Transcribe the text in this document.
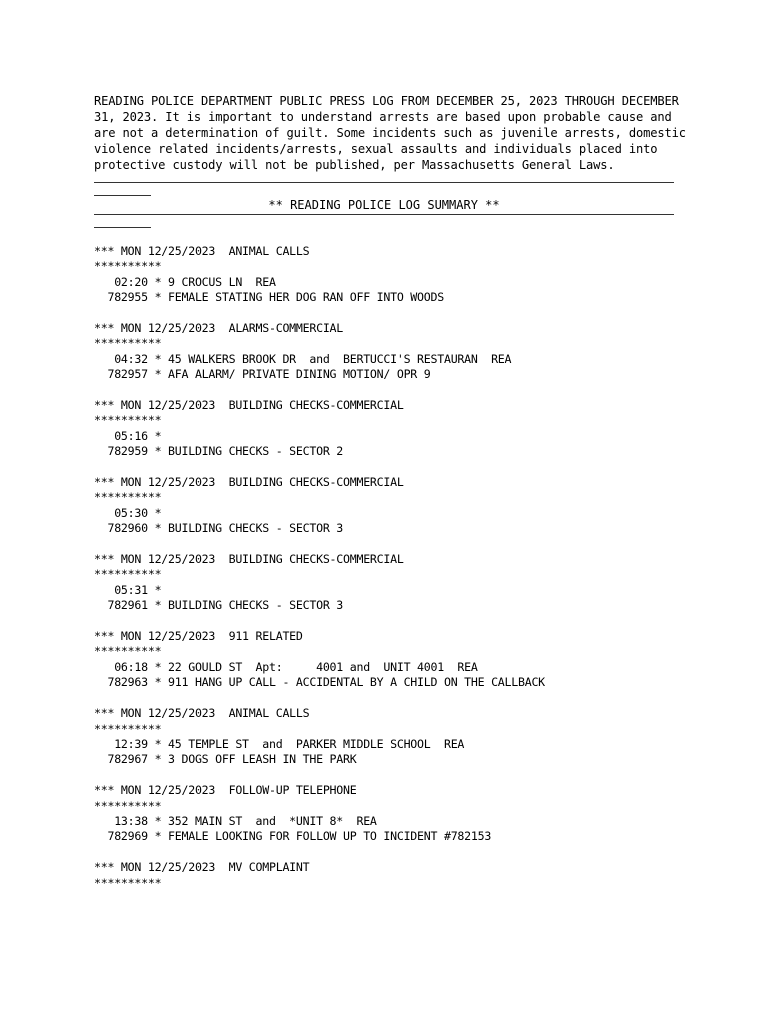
READING POLICE DEPARTMENT PUBLIC PRESS LOG FROM DECEMBER 25, 2023 THROUGH DECEMBER 31, 2023. It is important to understand arrests are based upon probable cause and are not a determination of guilt. Some incidents such as juvenile arrests, domestic violence related incidents/arrests, sexual assaults and individuals placed into protective custody will not be published, per Massachusetts General Laws.

** READING POLICE LOG SUMMARY **
*** MON 12/25/2023  ANIMAL CALLS
**********
02:20 * 9 CROCUS LN  REA
782955 * FEMALE STATING HER DOG RAN OFF INTO WOODS
*** MON 12/25/2023  ALARMS-COMMERCIAL
**********
04:32 * 45 WALKERS BROOK DR  and  BERTUCCI'S RESTAURAN  REA
782957 * AFA ALARM/ PRIVATE DINING MOTION/ OPR 9
*** MON 12/25/2023  BUILDING CHECKS-COMMERCIAL
**********
05:16 *
782959 * BUILDING CHECKS - SECTOR 2
*** MON 12/25/2023  BUILDING CHECKS-COMMERCIAL
**********
05:30 *
782960 * BUILDING CHECKS - SECTOR 3
*** MON 12/25/2023  BUILDING CHECKS-COMMERCIAL
**********
05:31 *
782961 * BUILDING CHECKS - SECTOR 3
*** MON 12/25/2023  911 RELATED
**********
06:18 * 22 GOULD ST  Apt:     4001 and  UNIT 4001  REA
782963 * 911 HANG UP CALL - ACCIDENTAL BY A CHILD ON THE CALLBACK
*** MON 12/25/2023  ANIMAL CALLS
**********
12:39 * 45 TEMPLE ST  and  PARKER MIDDLE SCHOOL  REA
782967 * 3 DOGS OFF LEASH IN THE PARK
*** MON 12/25/2023  FOLLOW-UP TELEPHONE
**********
13:38 * 352 MAIN ST  and  *UNIT 8*  REA
782969 * FEMALE LOOKING FOR FOLLOW UP TO INCIDENT #782153
*** MON 12/25/2023  MV COMPLAINT
**********
